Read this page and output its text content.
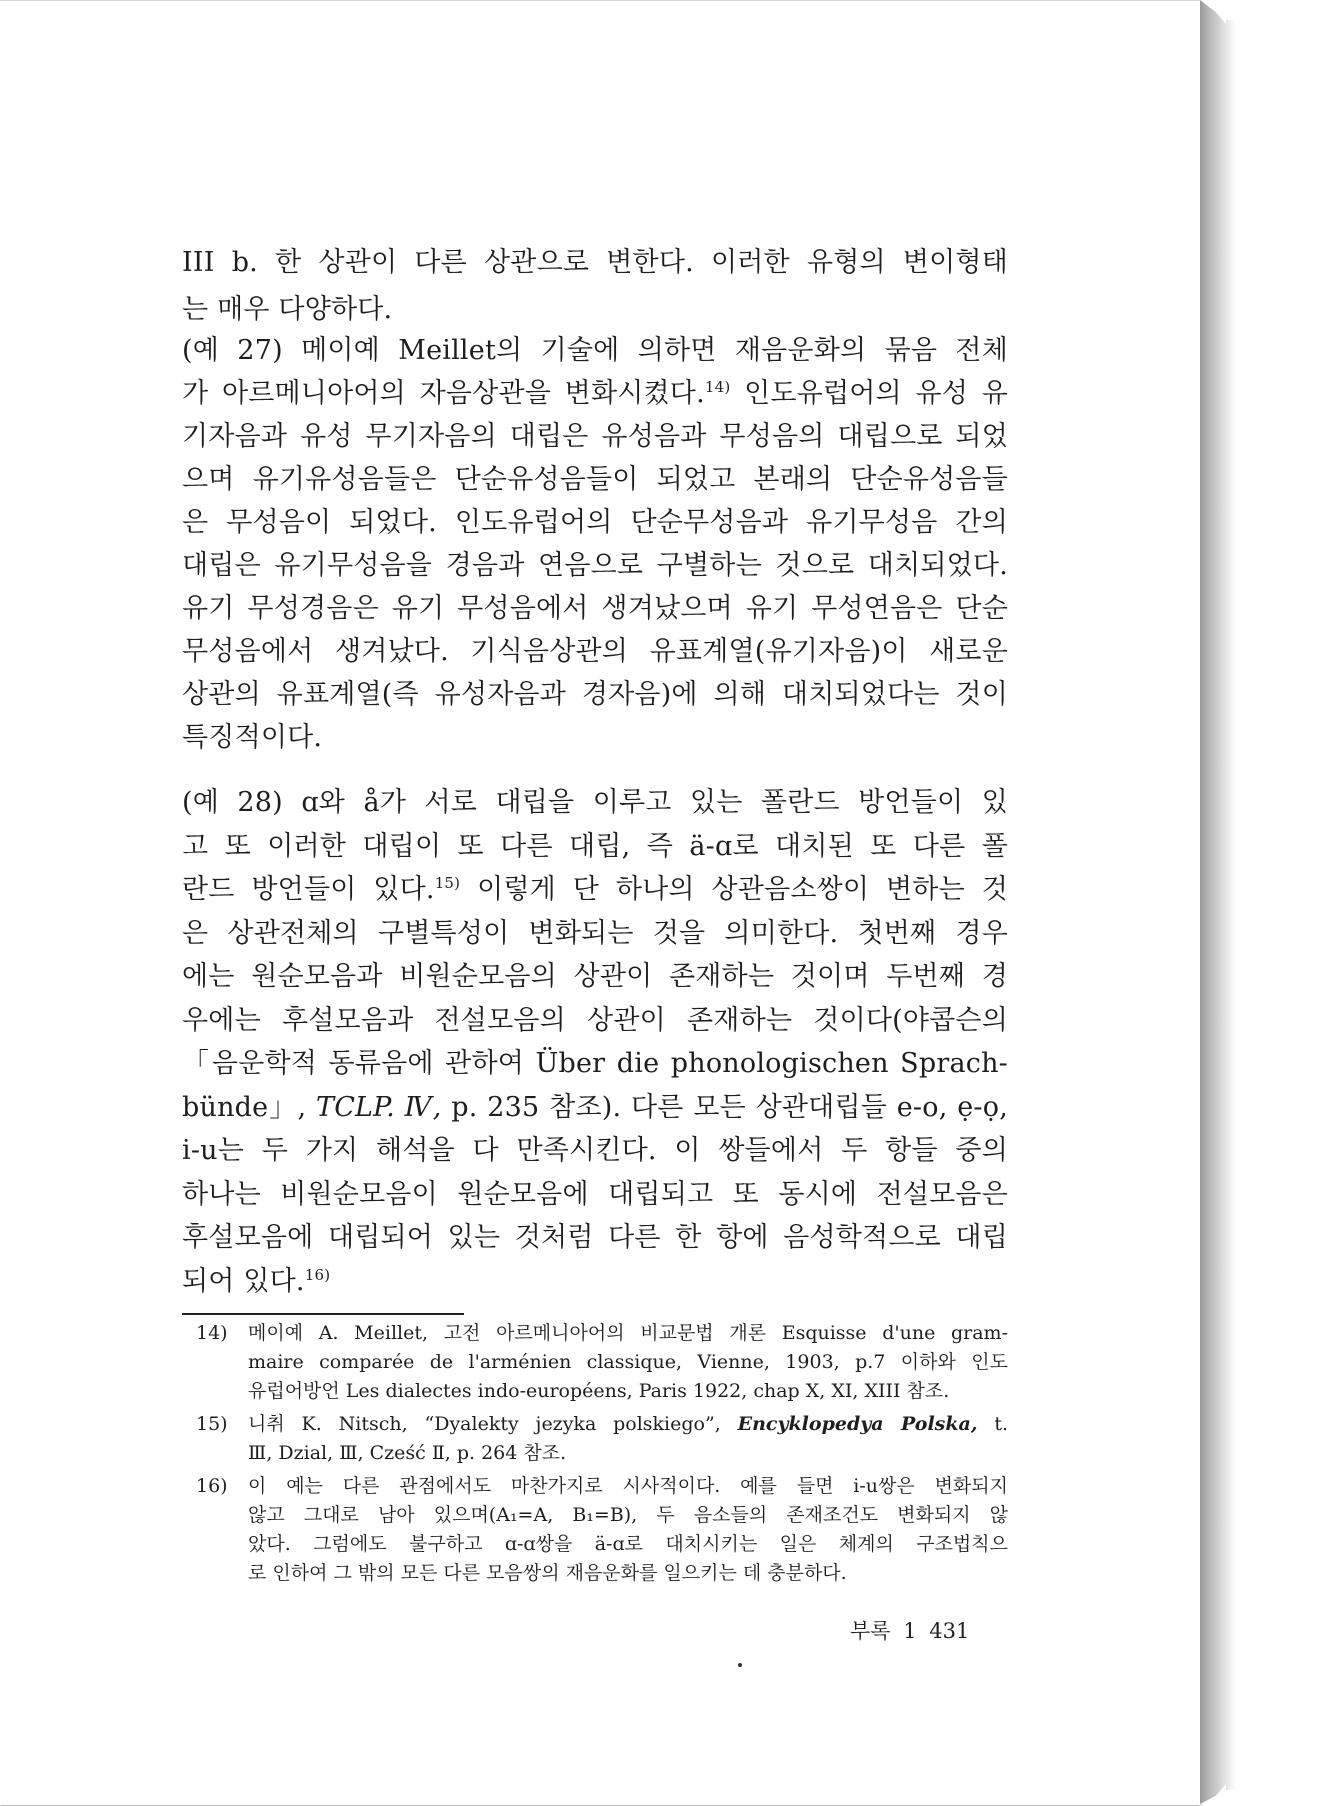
III b. 한 상관이 다른 상관으로 변한다. 이러한 유형의 변이형태
는 매우 다양하다.
(예 27) 메이예 Meillet의 기술에 의하면 재음운화의 묶음 전체
가 아르메니아어의 자음상관을 변화시켰다.$^{14)}$ 인도유럽어의 유성 유
기자음과 유성 무기자음의 대립은 유성음과 무성음의 대립으로 되었
으며 유기유성음들은 단순유성음들이 되었고 본래의 단순유성음들
은 무성음이 되었다. 인도유럽어의 단순무성음과 유기무성음 간의
대립은 유기무성음을 경음과 연음으로 구별하는 것으로 대치되었다.
유기 무성경음은 유기 무성음에서 생겨났으며 유기 무성연음은 단순
무성음에서 생겨났다. 기식음상관의 유표계열(유기자음)이 새로운
상관의 유표계열(즉 유성자음과 경자음)에 의해 대치되었다는 것이
특징적이다.
(예 28) ɑ와 å가 서로 대립을 이루고 있는 폴란드 방언들이 있
고 또 이러한 대립이 또 다른 대립, 즉 ä-ɑ로 대치된 또 다른 폴
란드 방언들이 있다.$^{15)}$ 이렇게 단 하나의 상관음소쌍이 변하는 것
은 상관전체의 구별특성이 변화되는 것을 의미한다. 첫번째 경우
에는 원순모음과 비원순모음의 상관이 존재하는 것이며 두번째 경
우에는 후설모음과 전설모음의 상관이 존재하는 것이다(야콥슨의
「음운학적 동류음에 관하여 Über die phonologischen Sprach-
bünde」, TCLP. Ⅳ, p. 235 참조). 다른 모든 상관대립들 e-o, ẹ-ọ,
i-u는 두 가지 해석을 다 만족시킨다. 이 쌍들에서 두 항들 중의
하나는 비원순모음이 원순모음에 대립되고 또 동시에 전설모음은
후설모음에 대립되어 있는 것처럼 다른 한 항에 음성학적으로 대립
되어 있다.$^{16)}$
14) 메이예 A. Meillet, 고전 아르메니아어의 비교문법 개론 Esquisse d'une gram-
maire comparée de l'arménien classique, Vienne, 1903, p.7 이하와 인도
유럽어방언 Les dialectes indo-européens, Paris 1922, chap X, XI, XIII 참조.
15) 니취 K. Nitsch, “Dyalekty jezyka polskiego”, Encyklopedya Polska, t.
Ⅲ, Dzial, Ⅲ, Cześć Ⅱ, p. 264 참조.
16) 이 예는 다른 관점에서도 마찬가지로 시사적이다. 예를 들면 i-u쌍은 변화되지
않고 그대로 남아 있으며(A₁=A, B₁=B), 두 음소들의 존재조건도 변화되지 않
았다. 그럼에도 불구하고 ɑ-ɑ쌍을 ä-ɑ로 대치시키는 일은 체계의 구조법칙으
로 인하여 그 밖의 모든 다른 모음쌍의 재음운화를 일으키는 데 충분하다.
부록 1 431
